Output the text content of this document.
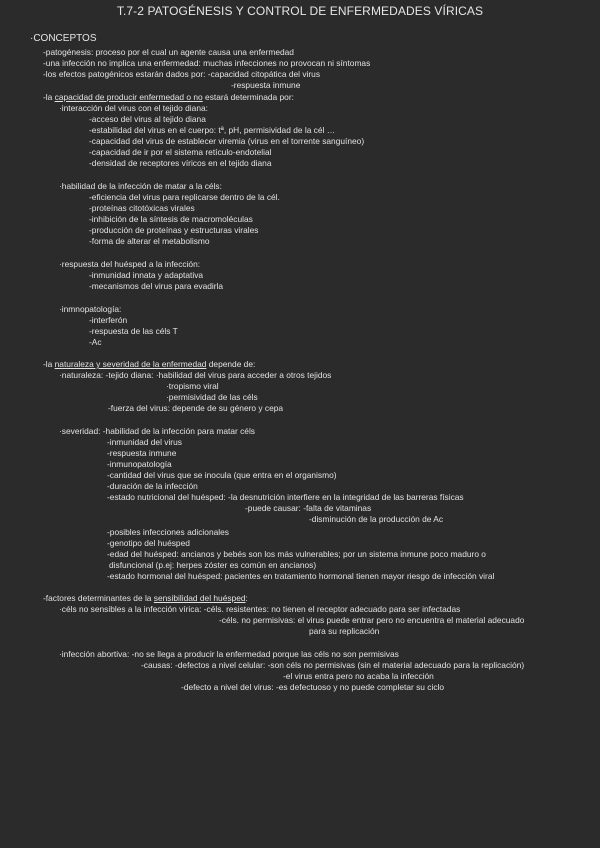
T.7-2 PATOGÉNESIS Y CONTROL DE ENFERMEDADES VÍRICAS
·CONCEPTOS
-patogénesis: proceso por el cual un agente causa una enfermedad
-una infección no implica una enfermedad: muchas infecciones no provocan ni síntomas
-los efectos patogénicos estarán dados por: -capacidad citopática del virus
-respuesta inmune
-la capacidad de producir enfermedad o no estará determinada por:
·interacción del virus con el tejido diana:
-acceso del virus al tejido diana
-estabilidad del virus en el cuerpo: tª, pH, permisividad de la cél …
-capacidad del virus de establecer viremia (virus en el torrente sanguíneo)
-capacidad de ir por el sistema retículo-endotelial
-densidad de receptores víricos en el tejido diana
·habilidad de la infección de matar a la céls:
-eficiencia del virus para replicarse dentro de la cél.
-proteínas citotóxicas virales
-inhibición de la síntesis de macromoléculas
-producción de proteínas y estructuras virales
-forma de alterar el metabolismo
·respuesta del huésped a la infección:
-inmunidad innata y adaptativa
-mecanismos del virus para evadirla
·inmnopatología:
-interferón
-respuesta de las céls T
-Ac
-la naturaleza y severidad de la enfermedad depende de:
·naturaleza: -tejido diana: ·habilidad del virus para acceder a otros tejidos
·tropismo viral
·permisividad de las céls
-fuerza del virus: depende de su género y cepa
·severidad: -habilidad de la infección para matar céls
-inmunidad del virus
-respuesta inmune
-inmunopatología
-cantidad del virus que se inocula (que entra en el organismo)
-duración de la infección
-estado nutricional del huésped: -la desnutrición interfiere en la integridad de las barreras físicas
-puede causar: -falta de vitaminas
-disminución de la producción de Ac
-posibles infecciones adicionales
-genotipo del huésped
-edad del huésped: ancianos y bebés son los más vulnerables; por un sistema inmune poco maduro o
disfuncional (p.ej: herpes zóster es común en ancianos)
-estado hormonal del huésped: pacientes en tratamiento hormonal tienen mayor riesgo de infección viral
-factores determinantes de la sensibilidad del huésped:
·céls no sensibles a la infección vírica: -céls. resistentes: no tienen el receptor adecuado para ser infectadas
-céls. no permisivas: el virus puede entrar pero no encuentra el material adecuado
para su replicación
·infección abortiva: -no se llega a producir la enfermedad porque las céls no son permisivas
-causas: -defectos a nivel celular: -son céls no permisivas (sin el material adecuado para la replicación)
-el virus entra pero no acaba la infección
-defecto a nivel del virus: -es defectuoso y no puede completar su ciclo
